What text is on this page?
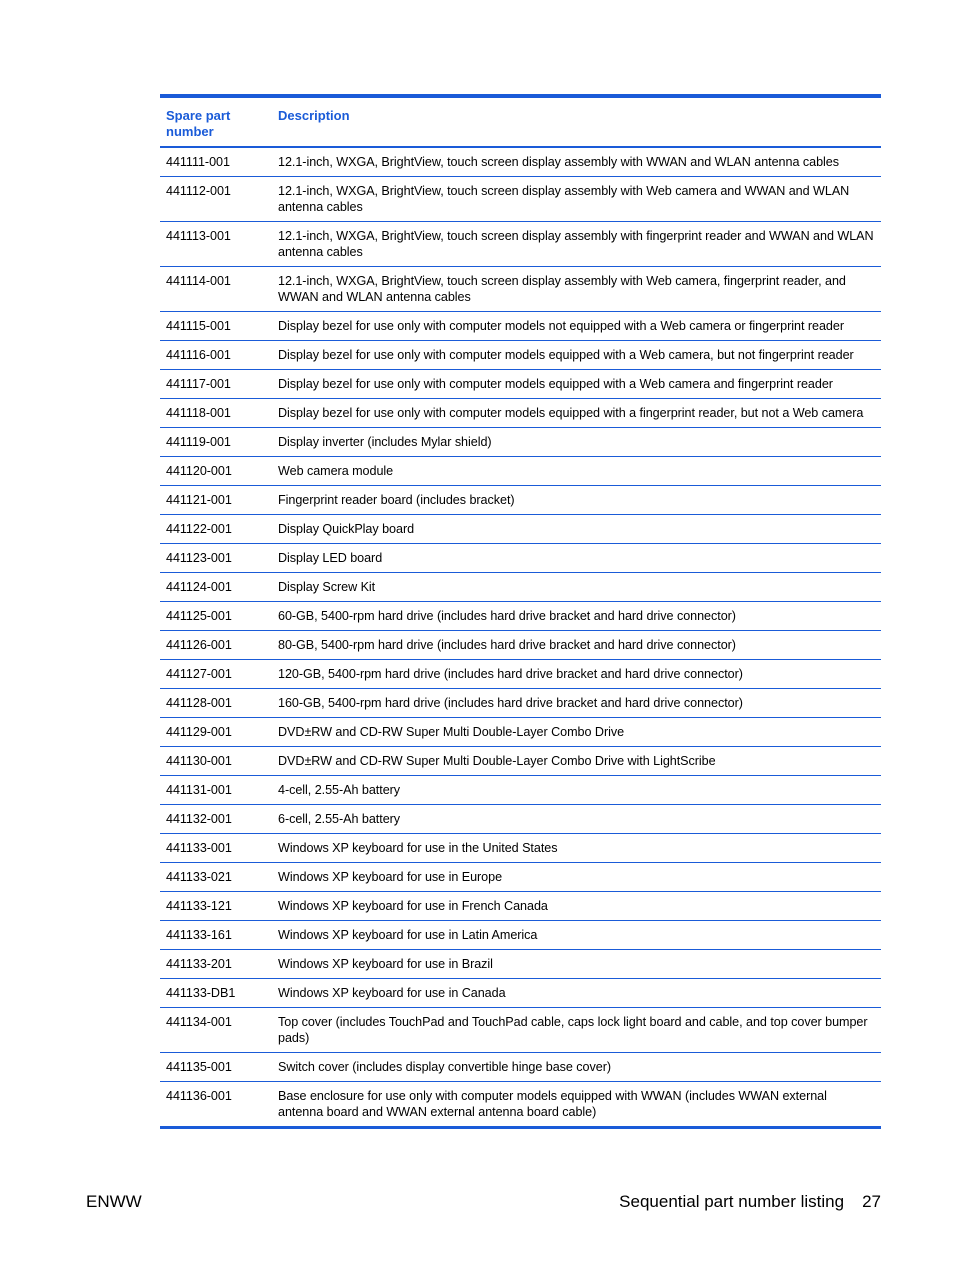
Spare part number	Description
441111-001	12.1-inch, WXGA, BrightView, touch screen display assembly with WWAN and WLAN antenna cables
441112-001	12.1-inch, WXGA, BrightView, touch screen display assembly with Web camera and WWAN and WLAN antenna cables
441113-001	12.1-inch, WXGA, BrightView, touch screen display assembly with fingerprint reader and WWAN and WLAN antenna cables
441114-001	12.1-inch, WXGA, BrightView, touch screen display assembly with Web camera, fingerprint reader, and WWAN and WLAN antenna cables
441115-001	Display bezel for use only with computer models not equipped with a Web camera or fingerprint reader
441116-001	Display bezel for use only with computer models equipped with a Web camera, but not fingerprint reader
441117-001	Display bezel for use only with computer models equipped with a Web camera and fingerprint reader
441118-001	Display bezel for use only with computer models equipped with a fingerprint reader, but not a Web camera
441119-001	Display inverter (includes Mylar shield)
441120-001	Web camera module
441121-001	Fingerprint reader board (includes bracket)
441122-001	Display QuickPlay board
441123-001	Display LED board
441124-001	Display Screw Kit
441125-001	60-GB, 5400-rpm hard drive (includes hard drive bracket and hard drive connector)
441126-001	80-GB, 5400-rpm hard drive (includes hard drive bracket and hard drive connector)
441127-001	120-GB, 5400-rpm hard drive (includes hard drive bracket and hard drive connector)
441128-001	160-GB, 5400-rpm hard drive (includes hard drive bracket and hard drive connector)
441129-001	DVD±RW and CD-RW Super Multi Double-Layer Combo Drive
441130-001	DVD±RW and CD-RW Super Multi Double-Layer Combo Drive with LightScribe
441131-001	4-cell, 2.55-Ah battery
441132-001	6-cell, 2.55-Ah battery
441133-001	Windows XP keyboard for use in the United States
441133-021	Windows XP keyboard for use in Europe
441133-121	Windows XP keyboard for use in French Canada
441133-161	Windows XP keyboard for use in Latin America
441133-201	Windows XP keyboard for use in Brazil
441133-DB1	Windows XP keyboard for use in Canada
441134-001	Top cover (includes TouchPad and TouchPad cable, caps lock light board and cable, and top cover bumper pads)
441135-001	Switch cover (includes display convertible hinge base cover)
441136-001	Base enclosure for use only with computer models equipped with WWAN (includes WWAN external antenna board and WWAN external antenna board cable)
ENWW	Sequential part number listing 27
